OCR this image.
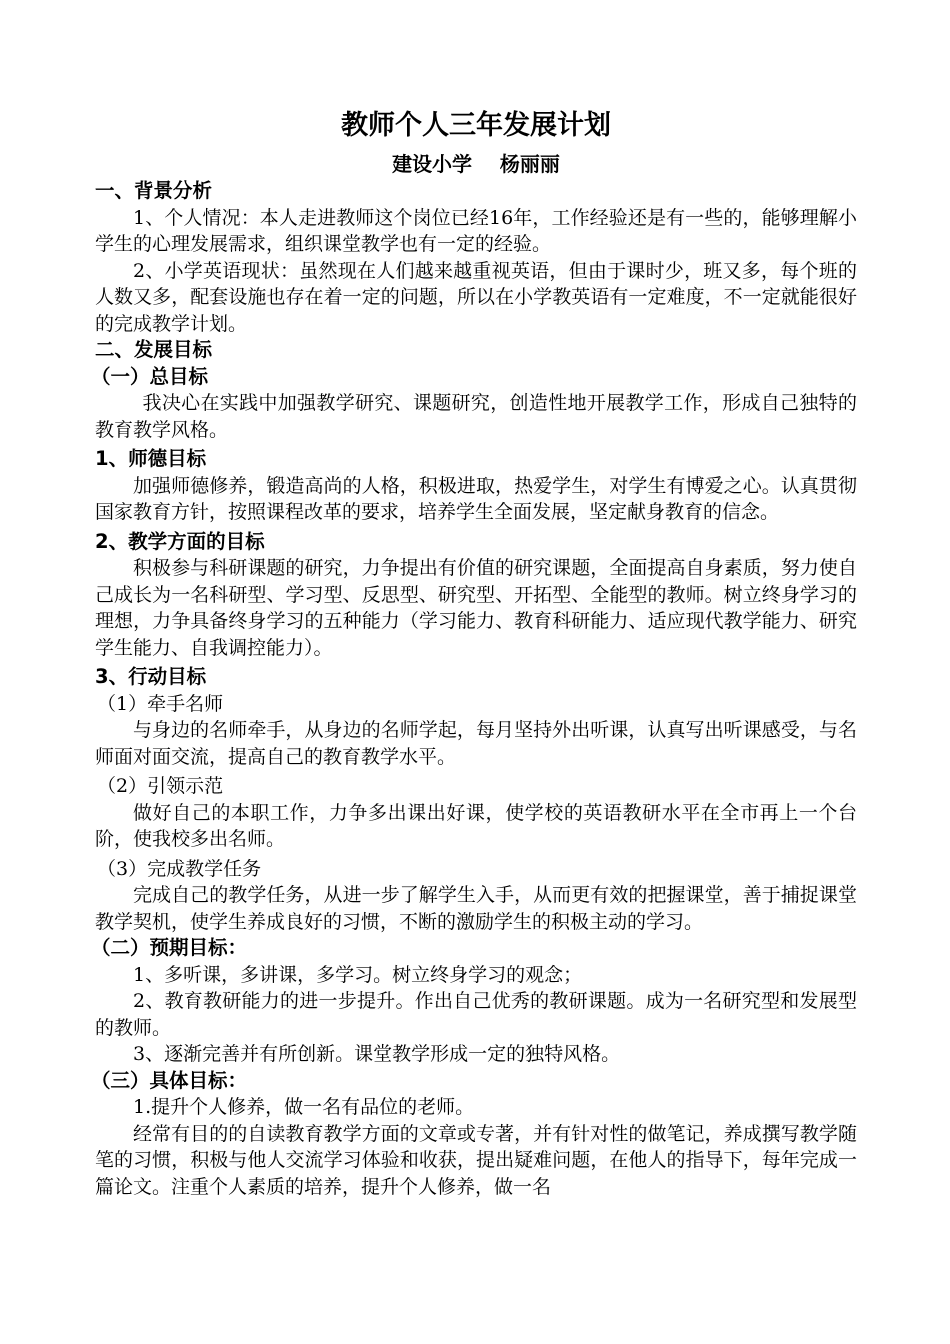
教师个人三年发展计划
建设小学    杨丽丽
一、背景分析
1、个人情况：本人走进教师这个岗位已经16年，工作经验还是有一些的，能够理解小学生的心理发展需求，组织课堂教学也有一定的经验。
2、小学英语现状：虽然现在人们越来越重视英语，但由于课时少，班又多，每个班的人数又多，配套设施也存在着一定的问题，所以在小学教英语有一定难度，不一定就能很好的完成教学计划。
二、发展目标
（一）总目标
我决心在实践中加强教学研究、课题研究，创造性地开展教学工作，形成自己独特的教育教学风格。
1、师德目标
加强师德修养，锻造高尚的人格，积极进取，热爱学生，对学生有博爱之心。认真贯彻国家教育方针，按照课程改革的要求，培养学生全面发展，坚定献身教育的信念。
2、教学方面的目标
积极参与科研课题的研究，力争提出有价值的研究课题，全面提高自身素质，努力使自己成长为一名科研型、学习型、反思型、研究型、开拓型、全能型的教师。树立终身学习的理想，力争具备终身学习的五种能力（学习能力、教育科研能力、适应现代教学能力、研究学生能力、自我调控能力）。
3、行动目标
（1）牵手名师
与身边的名师牵手，从身边的名师学起，每月坚持外出听课，认真写出听课感受，与名师面对面交流，提高自己的教育教学水平。
（2）引领示范
做好自己的本职工作，力争多出课出好课，使学校的英语教研水平在全市再上一个台阶，使我校多出名师。
（3）完成教学任务
完成自己的教学任务，从进一步了解学生入手，从而更有效的把握课堂，善于捕捉课堂教学契机，使学生养成良好的习惯，不断的激励学生的积极主动的学习。
（二）预期目标：
1、多听课，多讲课，多学习。树立终身学习的观念；
2、教育教研能力的进一步提升。作出自己优秀的教研课题。成为一名研究型和发展型的教师。
3、逐渐完善并有所创新。课堂教学形成一定的独特风格。
（三）具体目标：
1.提升个人修养，做一名有品位的老师。
经常有目的的自读教育教学方面的文章或专著，并有针对性的做笔记，养成撰写教学随笔的习惯，积极与他人交流学习体验和收获，提出疑难问题，在他人的指导下，每年完成一篇论文。注重个人素质的培养，提升个人修养，做一名
